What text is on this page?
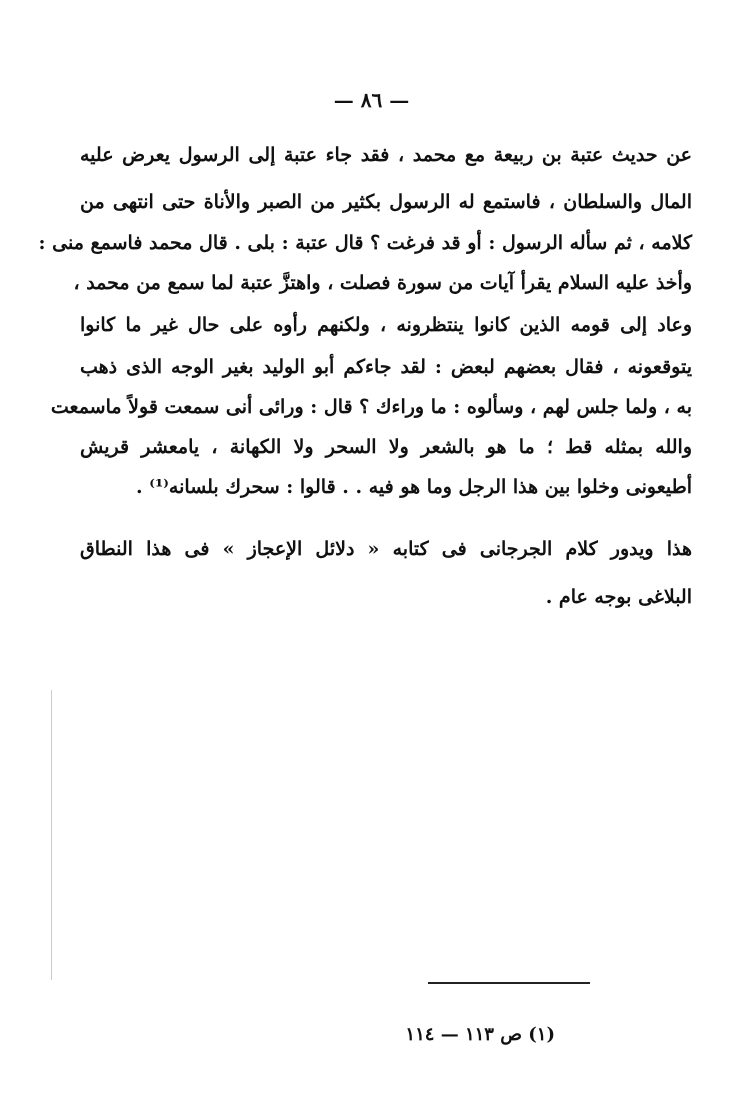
— ٨٦ —
عن حديث عتبة بن ربيعة مع محمد ، فقد جاء عتبة إلى الرسول يعرض عليه
المال والسلطان ، فاستمع له الرسول بكثير من الصبر والأناة حتى انتهى من
كلامه ، ثم سأله الرسول : أو قد فرغت ؟ قال عتبة : بلى . قال محمد فاسمع منى :
وأخذ عليه السلام يقرأ آيات من سورة فصلت ، واهتزَّ عتبة لما سمع من محمد ،
وعاد إلى قومه الذين كانوا ينتظرونه ، ولكنهم رأوه على حال غير ما كانوا
يتوقعونه ، فقال بعضهم لبعض : لقد جاءكم أبو الوليد بغير الوجه الذى ذهب
به ، ولما جلس لهم ، وسألوه : ما وراءك ؟ قال : ورائى أنى سمعت قولاً ماسمعت
والله بمثله قط ؛ ما هو بالشعر ولا السحر ولا الكهانة ، يامعشر قريش
أطيعونى وخلوا بين هذا الرجل وما هو فيه . . قالوا : سحرك بلسانه⁽¹⁾ .
هذا ويدور كلام الجرجانى فى كتابه « دلائل الإعجاز » فى هذا النطاق
البلاغى بوجه عام .
(١) ص ١١٣ — ١١٤
